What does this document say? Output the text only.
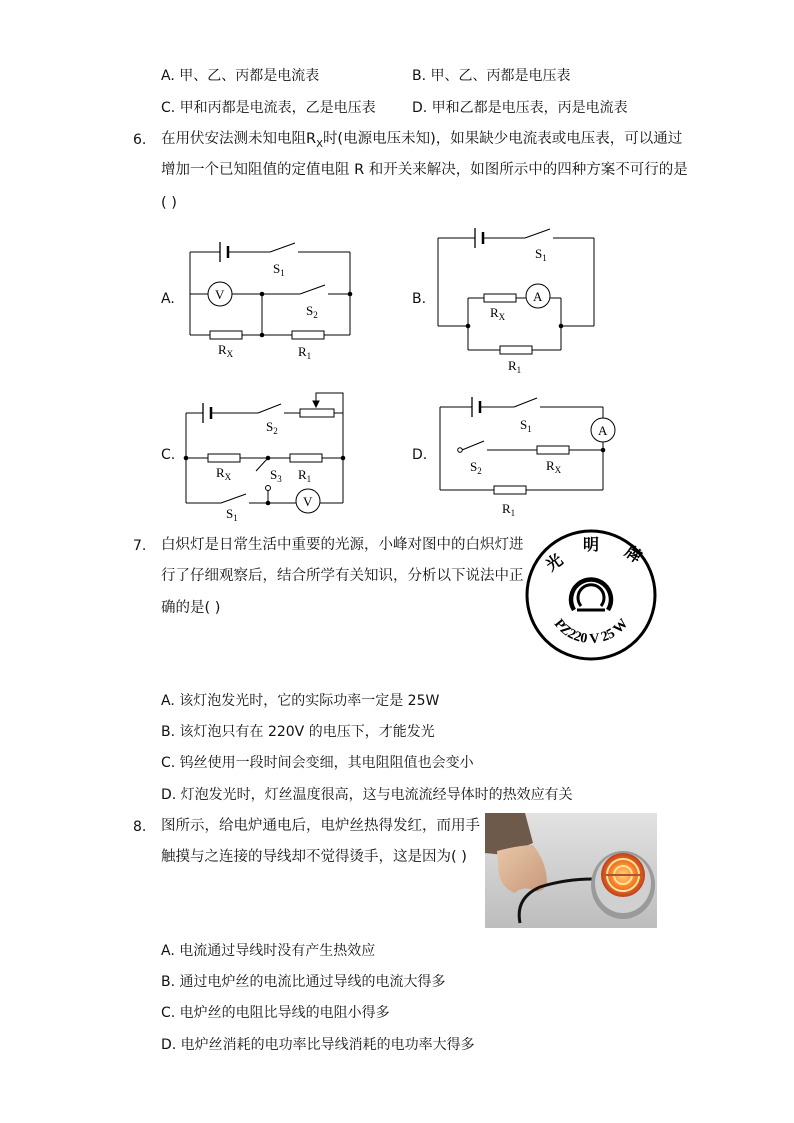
A. 甲、乙、丙都是电流表	B. 甲、乙、丙都是电压表
C. 甲和丙都是电流表，乙是电压表	D. 甲和乙都是电压表，丙是电流表
6. 在用伏安法测未知电阻$R_X$时(电源电压未知)，如果缺少电流表或电压表，可以通过
增加一个已知阻值的定值电阻 R 和开关来解决，如图所示中的四种方案不可行的是
( )
A.	B.
C.	D.
V
$S_1$
$S_2$
$R_X$	$R_1$
A
$S_1$
$R_X$
$R_1$
V
$S_2$
$R_X$	$R_1$
$S_3$
$S_1$
A
$S_1$
$S_2$	$R_X$
$R_1$
7. 白炽灯是日常生活中重要的光源，小峰对图中的白炽灯进
行了仔细观察后，结合所学有关知识，分析以下说法中正
确的是( )
光
明 牌
PZ220 V 25 W
A. 该灯泡发光时，它的实际功率一定是 25W
B. 该灯泡只有在 220V 的电压下，才能发光
C. 钨丝使用一段时间会变细，其电阻阻值也会变小
D. 灯泡发光时，灯丝温度很高，这与电流流经导体时的热效应有关
8. 图所示，给电炉通电后，电炉丝热得发红，而用手
触摸与之连接的导线却不觉得烫手，这是因为( )
A. 电流通过导线时没有产生热效应
B. 通过电炉丝的电流比通过导线的电流大得多
C. 电炉丝的电阻比导线的电阻小得多
D. 电炉丝消耗的电功率比导线消耗的电功率大得多
